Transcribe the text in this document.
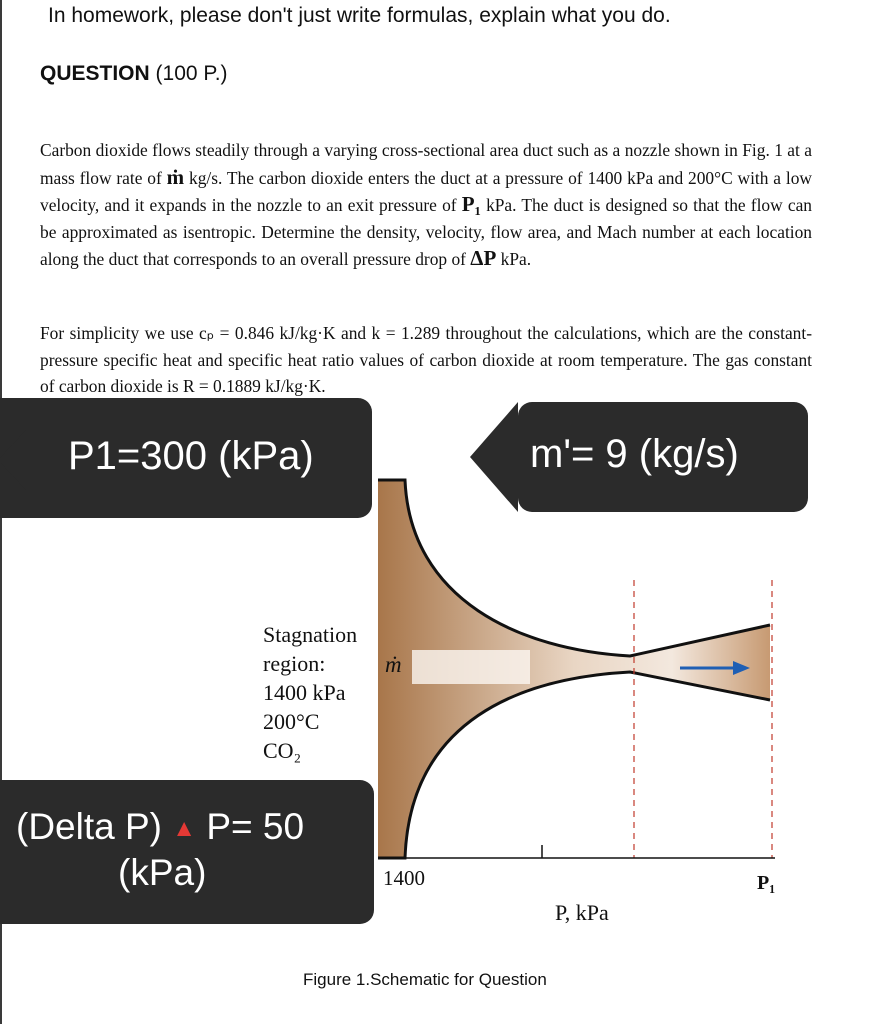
In homework, please don't just write formulas, explain what you do.
QUESTION (100 P.)
Carbon dioxide flows steadily through a varying cross-sectional area duct such as a nozzle shown in Fig. 1 at a mass flow rate of ṁ kg/s. The carbon dioxide enters the duct at a pressure of 1400 kPa and 200°C with a low velocity, and it expands in the nozzle to an exit pressure of P₁ kPa. The duct is designed so that the flow can be approximated as isentropic. Determine the density, velocity, flow area, and Mach number at each location along the duct that corresponds to an overall pressure drop of ΔP kPa.
For simplicity we use cₚ = 0.846 kJ/kg·K and k = 1.289 throughout the calculations, which are the constant-pressure specific heat and specific heat ratio values of carbon dioxide at room temperature. The gas constant of carbon dioxide is R = 0.1889 kJ/kg·K.
Stagnation
region:
1400 kPa
200°C
CO₂
ṁ
1400
P, kPa
P₁
Figure 1.Schematic for Question
P1=300 (kPa)	m'= 9 (kg/s)
(Delta P) ▲ P= 50
(kPa)
